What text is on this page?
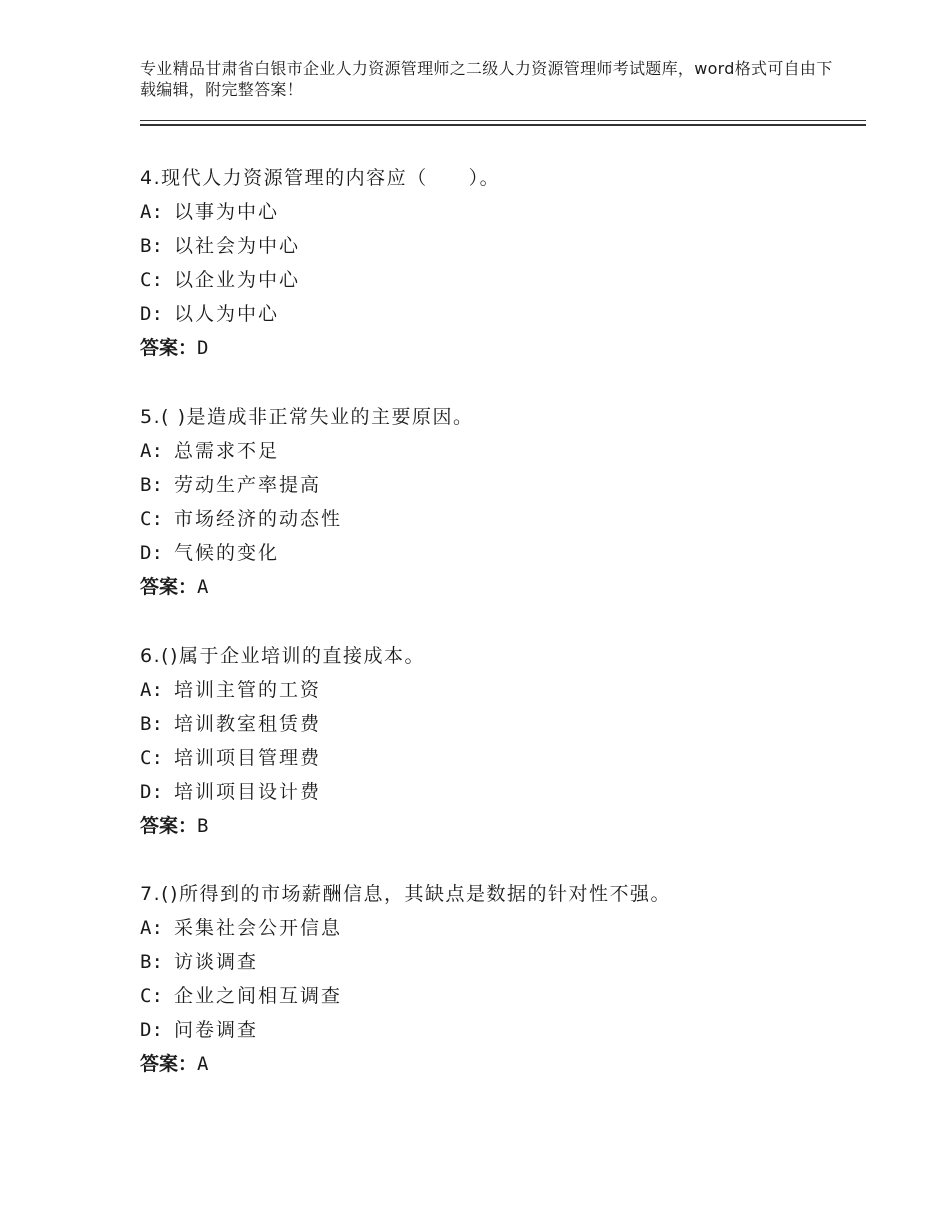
专业精品甘肃省白银市企业人力资源管理师之二级人力资源管理师考试题库，word格式可自由下载编辑，附完整答案！
4.现代人力资源管理的内容应（　　）。
A: 以事为中心
B: 以社会为中心
C: 以企业为中心
D: 以人为中心
答案：D
5.( )是造成非正常失业的主要原因。
A: 总需求不足
B: 劳动生产率提高
C: 市场经济的动态性
D: 气候的变化
答案：A
6.()属于企业培训的直接成本。
A: 培训主管的工资
B: 培训教室租赁费
C: 培训项目管理费
D: 培训项目设计费
答案：B
7.()所得到的市场薪酬信息，其缺点是数据的针对性不强。
A: 采集社会公开信息
B: 访谈调查
C: 企业之间相互调查
D: 问卷调查
答案：A
